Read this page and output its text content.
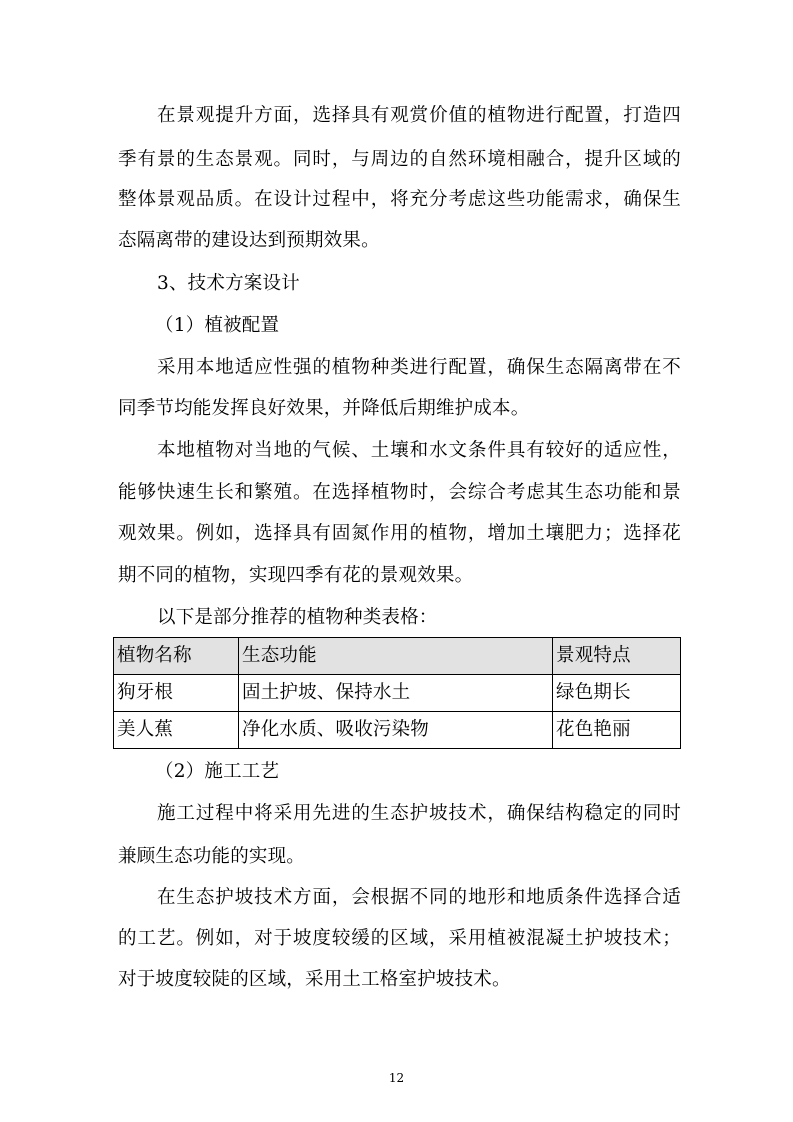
在景观提升方面，选择具有观赏价值的植物进行配置，打造四
季有景的生态景观。同时，与周边的自然环境相融合，提升区域的
整体景观品质。在设计过程中，将充分考虑这些功能需求，确保生
态隔离带的建设达到预期效果。
3、技术方案设计
（1）植被配置
采用本地适应性强的植物种类进行配置，确保生态隔离带在不
同季节均能发挥良好效果，并降低后期维护成本。
本地植物对当地的气候、土壤和水文条件具有较好的适应性，
能够快速生长和繁殖。在选择植物时，会综合考虑其生态功能和景
观效果。例如，选择具有固氮作用的植物，增加土壤肥力；选择花
期不同的植物，实现四季有花的景观效果。
以下是部分推荐的植物种类表格：
植物名称	生态功能	景观特点
狗牙根	固土护坡、保持水土	绿色期长
美人蕉	净化水质、吸收污染物	花色艳丽
（2）施工工艺
施工过程中将采用先进的生态护坡技术，确保结构稳定的同时
兼顾生态功能的实现。
在生态护坡技术方面，会根据不同的地形和地质条件选择合适
的工艺。例如，对于坡度较缓的区域，采用植被混凝土护坡技术；
对于坡度较陡的区域，采用土工格室护坡技术。
12
